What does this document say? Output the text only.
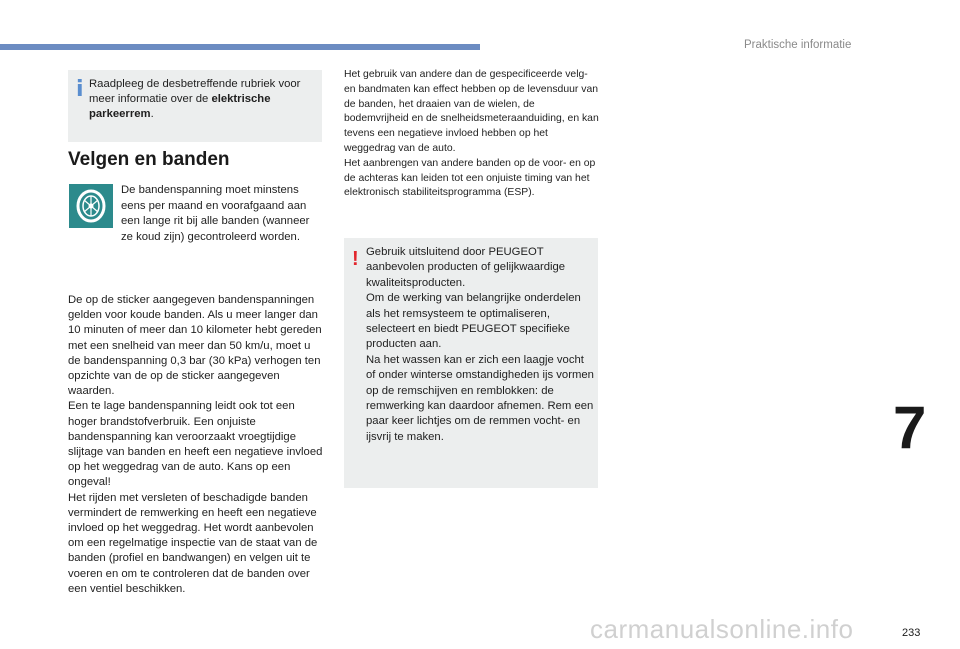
Praktische informatie
i Raadpleeg de desbetreffende rubriek voor meer informatie over de elektrische parkeerrem.
Velgen en banden
De bandenspanning moet minstens eens per maand en voorafgaand aan een lange rit bij alle banden (wanneer ze koud zijn) gecontroleerd worden.

De op de sticker aangegeven bandenspanningen gelden voor koude banden. Als u meer langer dan 10 minuten of meer dan 10 kilometer hebt gereden met een snelheid van meer dan 50 km/u, moet u de bandenspanning 0,3 bar (30 kPa) verhogen ten opzichte van de op de sticker aangegeven waarden.

Een te lage bandenspanning leidt ook tot een hoger brandstofverbruik. Een onjuiste bandenspanning kan veroorzaakt vroegtijdige slijtage van banden en heeft een negatieve invloed op het weggedrag van de auto. Kans op een ongeval!

Het rijden met versleten of beschadigde banden vermindert de remwerking en heeft een negatieve invloed op het weggedrag. Het wordt aanbevolen om een regelmatige inspectie van de staat van de banden (profiel en bandwangen) en velgen uit te voeren en om te controleren dat de banden over een ventiel beschikken.

Het gebruik van andere dan de gespecificeerde velg- en bandmaten kan effect hebben op de levensduur van de banden, het draaien van de wielen, de bodemvrijheid en de snelheidsmeteraanduiding, en kan tevens een negatieve invloed hebben op het weggedrag van de auto.

Het aanbrengen van andere banden op de voor- en op de achteras kan leiden tot een onjuiste timing van het elektronisch stabiliteitsprogramma (ESP).

! Gebruik uitsluitend door PEUGEOT aanbevolen producten of gelijkwaardige kwaliteitsproducten.

Om de werking van belangrijke onderdelen als het remsysteem te optimaliseren, selecteert en biedt PEUGEOT specifieke producten aan.

Na het wassen kan er zich een laagje vocht of onder winterse omstandigheden ijs vormen op de remschijven en remblokken: de remwerking kan daardoor afnemen. Rem een paar keer lichtjes om de remmen vocht- en ijsvrij te maken.	7
233
carmanualsonline.info
